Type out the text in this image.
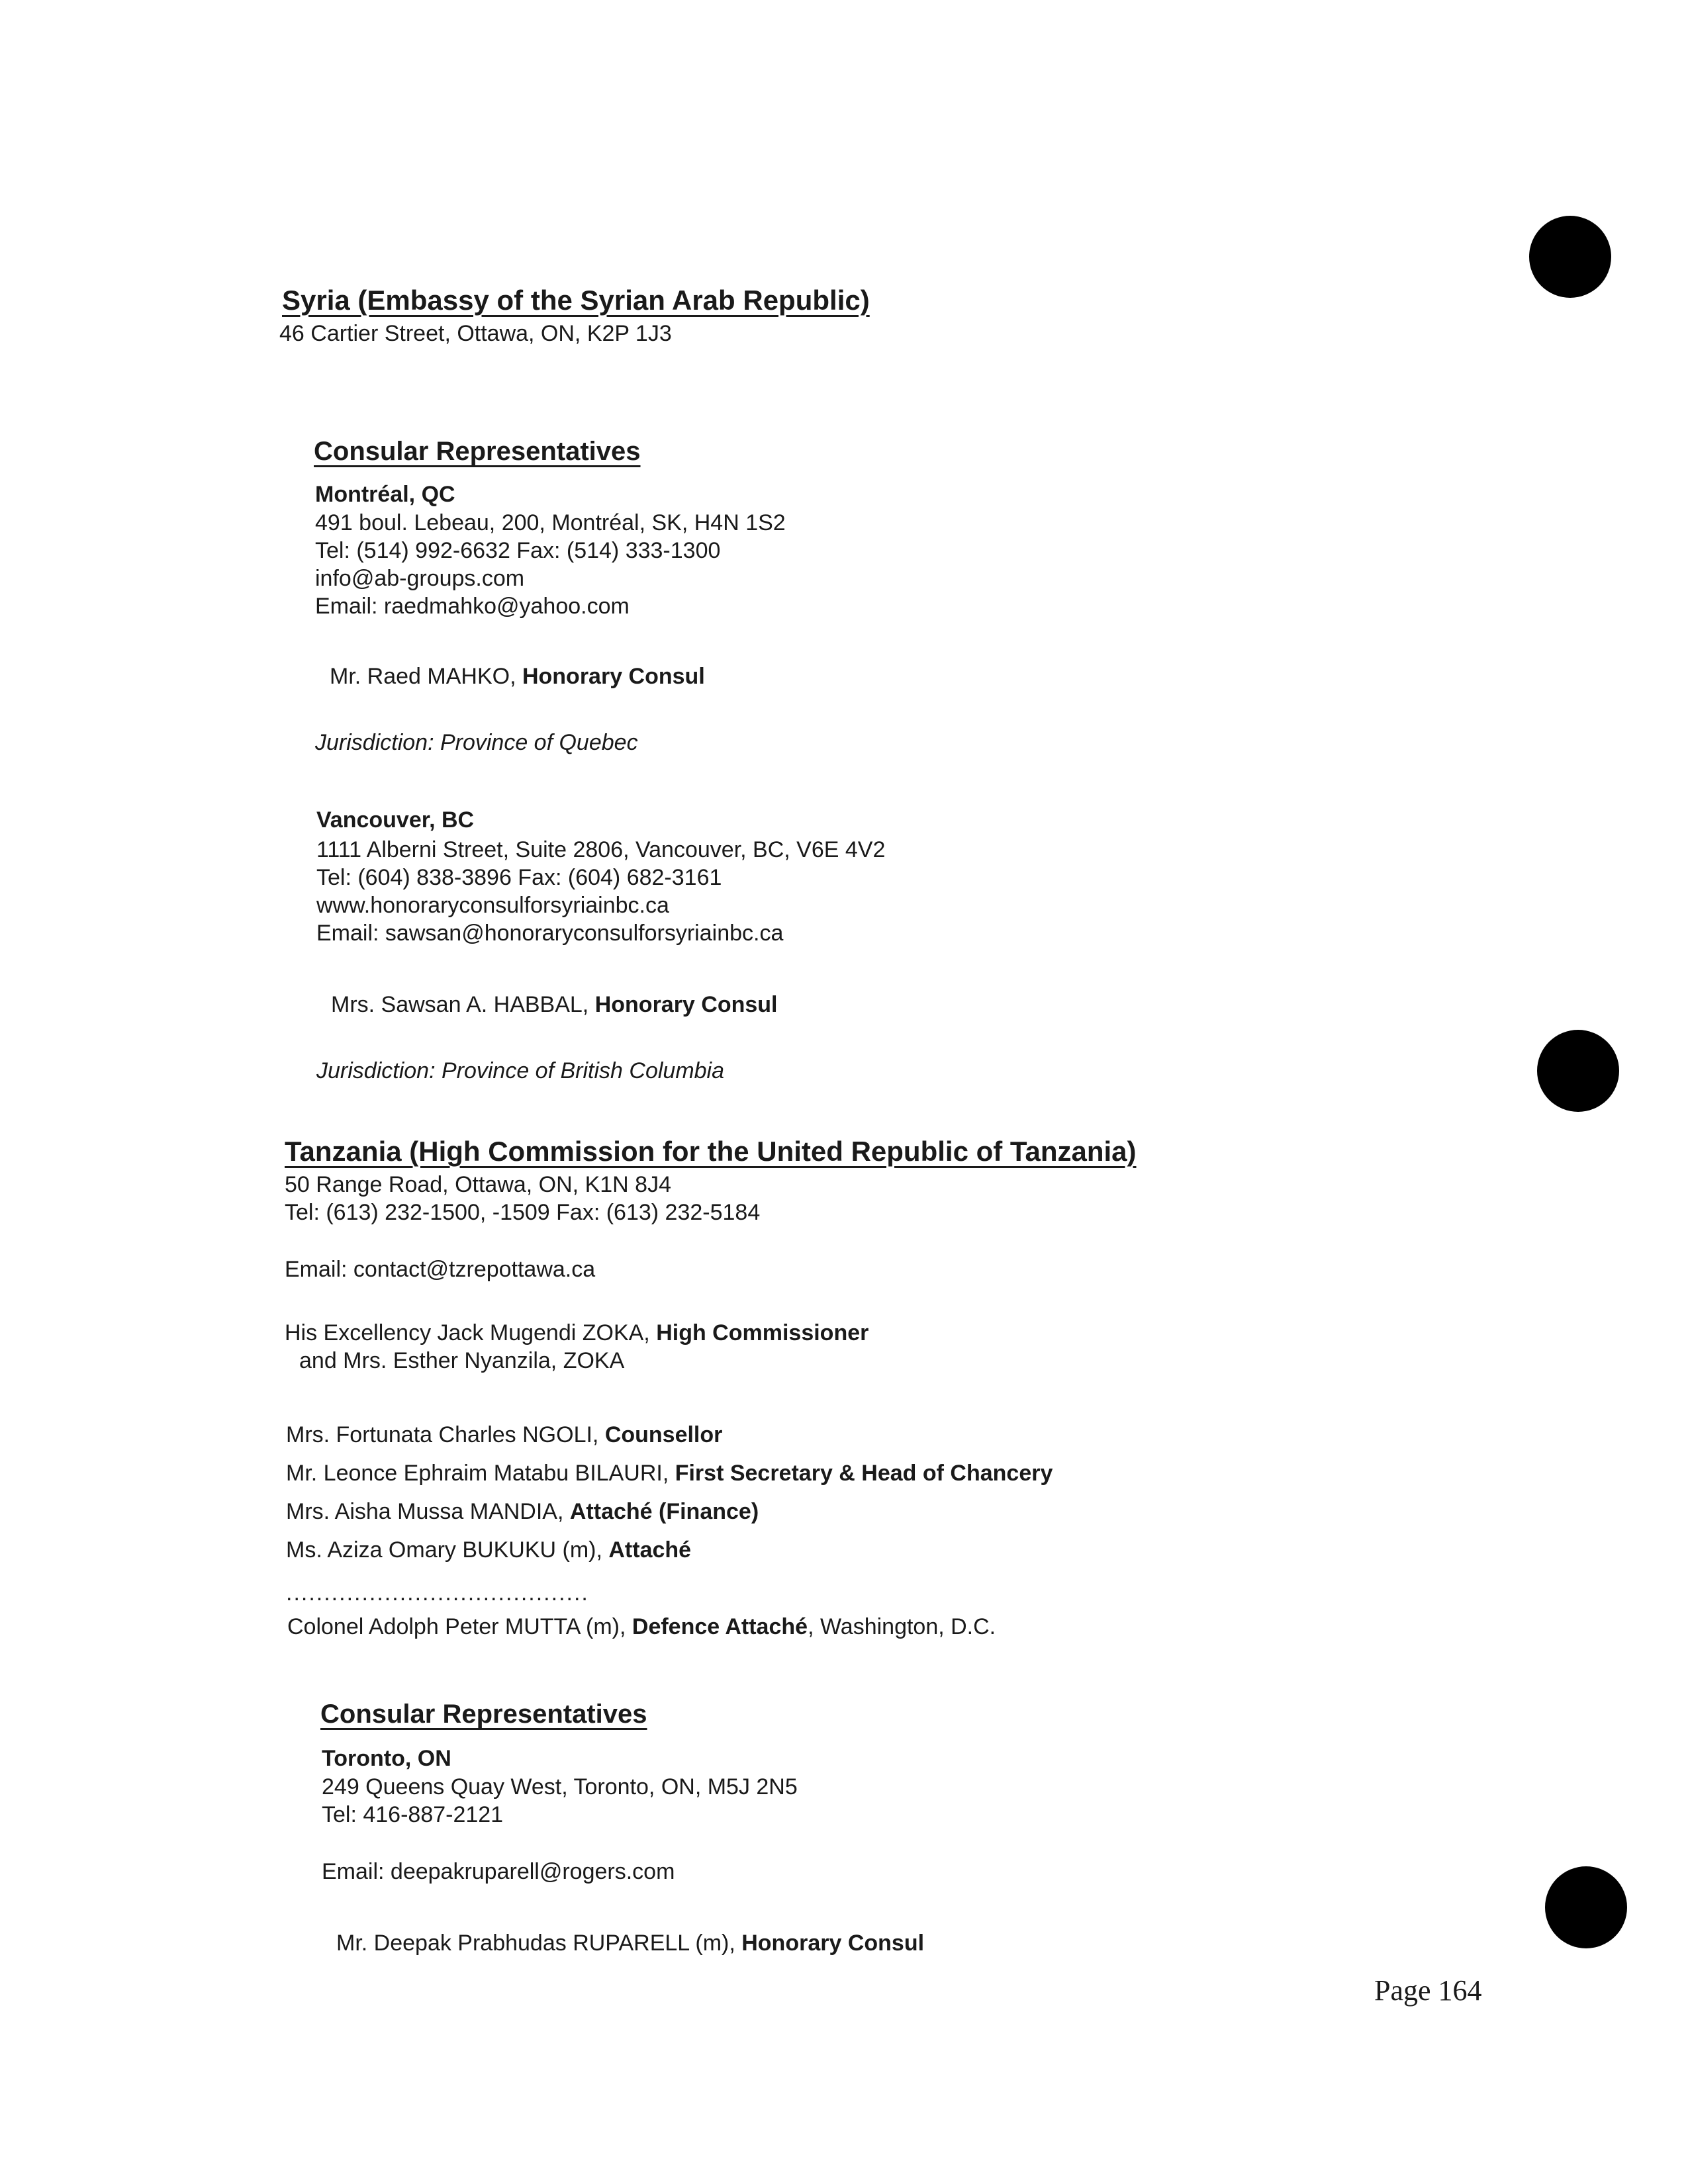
Syria (Embassy of the Syrian Arab Republic)
46 Cartier Street, Ottawa, ON, K2P 1J3
Consular Representatives
Montréal, QC
491 boul. Lebeau, 200, Montréal, SK, H4N 1S2
Tel: (514) 992-6632 Fax: (514) 333-1300
info@ab-groups.com
Email: raedmahko@yahoo.com
Mr. Raed MAHKO, Honorary Consul
Jurisdiction: Province of Quebec
Vancouver, BC
1111 Alberni Street, Suite 2806, Vancouver, BC, V6E 4V2
Tel: (604) 838-3896 Fax: (604) 682-3161
www.honoraryconsulforsyriainbc.ca
Email: sawsan@honoraryconsulforsyriainbc.ca
Mrs. Sawsan A. HABBAL, Honorary Consul
Jurisdiction: Province of British Columbia
Tanzania (High Commission for the United Republic of Tanzania)
50 Range Road, Ottawa, ON, K1N 8J4
Tel: (613) 232-1500, -1509 Fax: (613) 232-5184
Email: contact@tzrepottawa.ca
His Excellency Jack Mugendi ZOKA, High Commissioner
and Mrs. Esther Nyanzila, ZOKA
Mrs. Fortunata Charles NGOLI, Counsellor
Mr. Leonce Ephraim Matabu BILAURI, First Secretary & Head of Chancery
Mrs. Aisha Mussa MANDIA, Attaché (Finance)
Ms. Aziza Omary BUKUKU (m), Attaché
........................................
Colonel Adolph Peter MUTTA (m), Defence Attaché, Washington, D.C.
Consular Representatives
Toronto, ON
249 Queens Quay West, Toronto, ON, M5J 2N5
Tel: 416-887-2121
Email: deepakruparell@rogers.com
Mr. Deepak Prabhudas RUPARELL (m), Honorary Consul
Page 164
